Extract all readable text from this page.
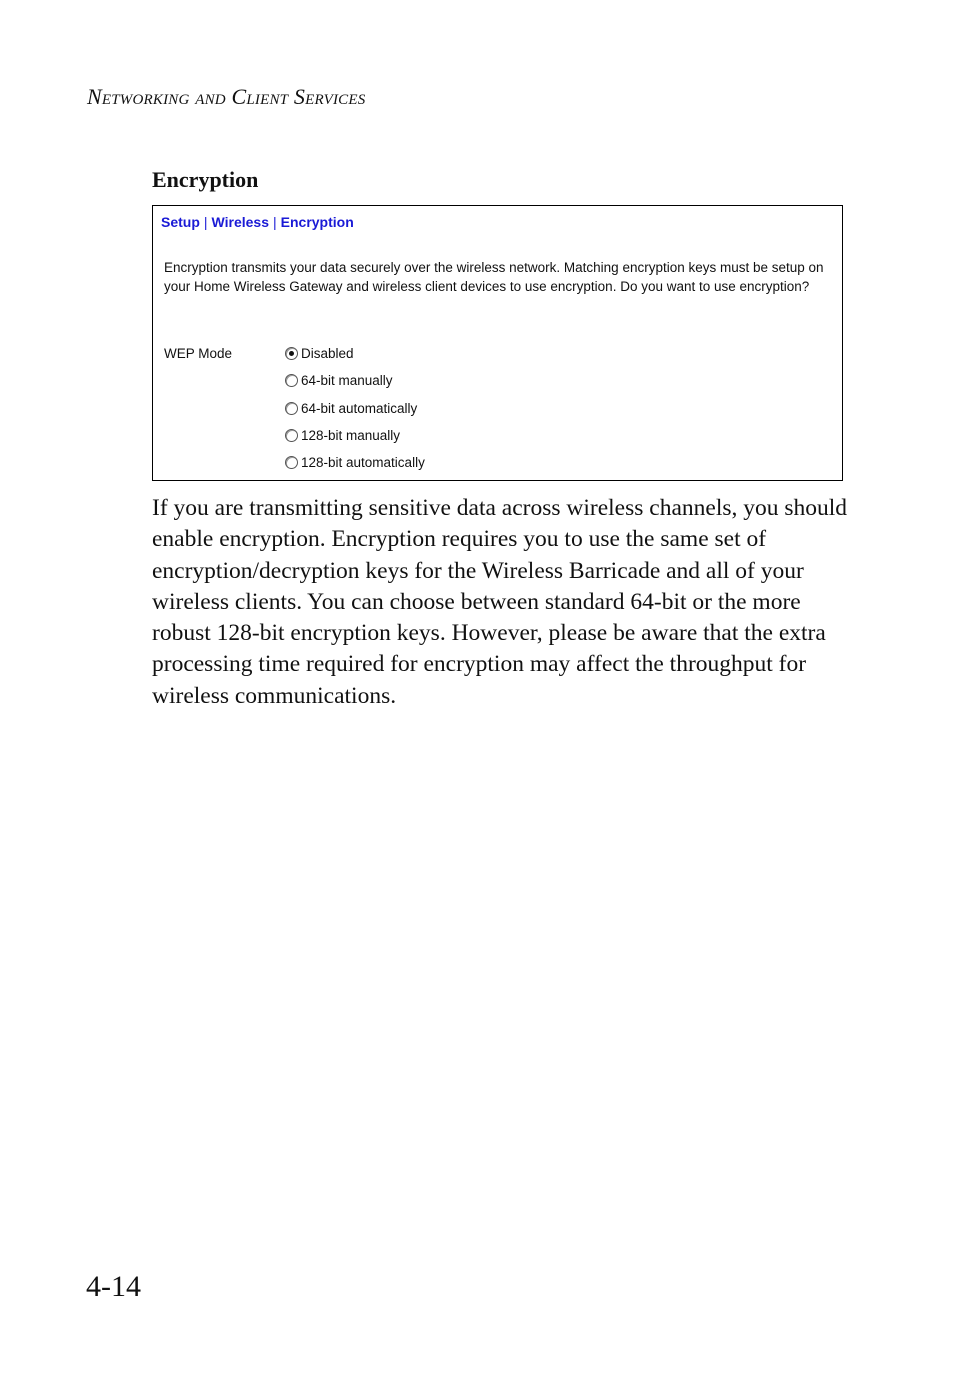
Networking and Client Services
Encryption
Setup | Wireless | Encryption
Encryption transmits your data securely over the wireless network. Matching encryption keys must be setup on your Home Wireless Gateway and wireless client devices to use encryption. Do you want to use encryption?
WEP Mode	Disabled
64-bit manually
64-bit automatically
128-bit manually
128-bit automatically

If you are transmitting sensitive data across wireless channels, you should enable encryption. Encryption requires you to use the same set of encryption/decryption keys for the Wireless Barricade and all of your wireless clients. You can choose between standard 64-bit or the more robust 128-bit encryption keys. However, please be aware that the extra processing time required for encryption may affect the throughput for wireless communications.

4-14
